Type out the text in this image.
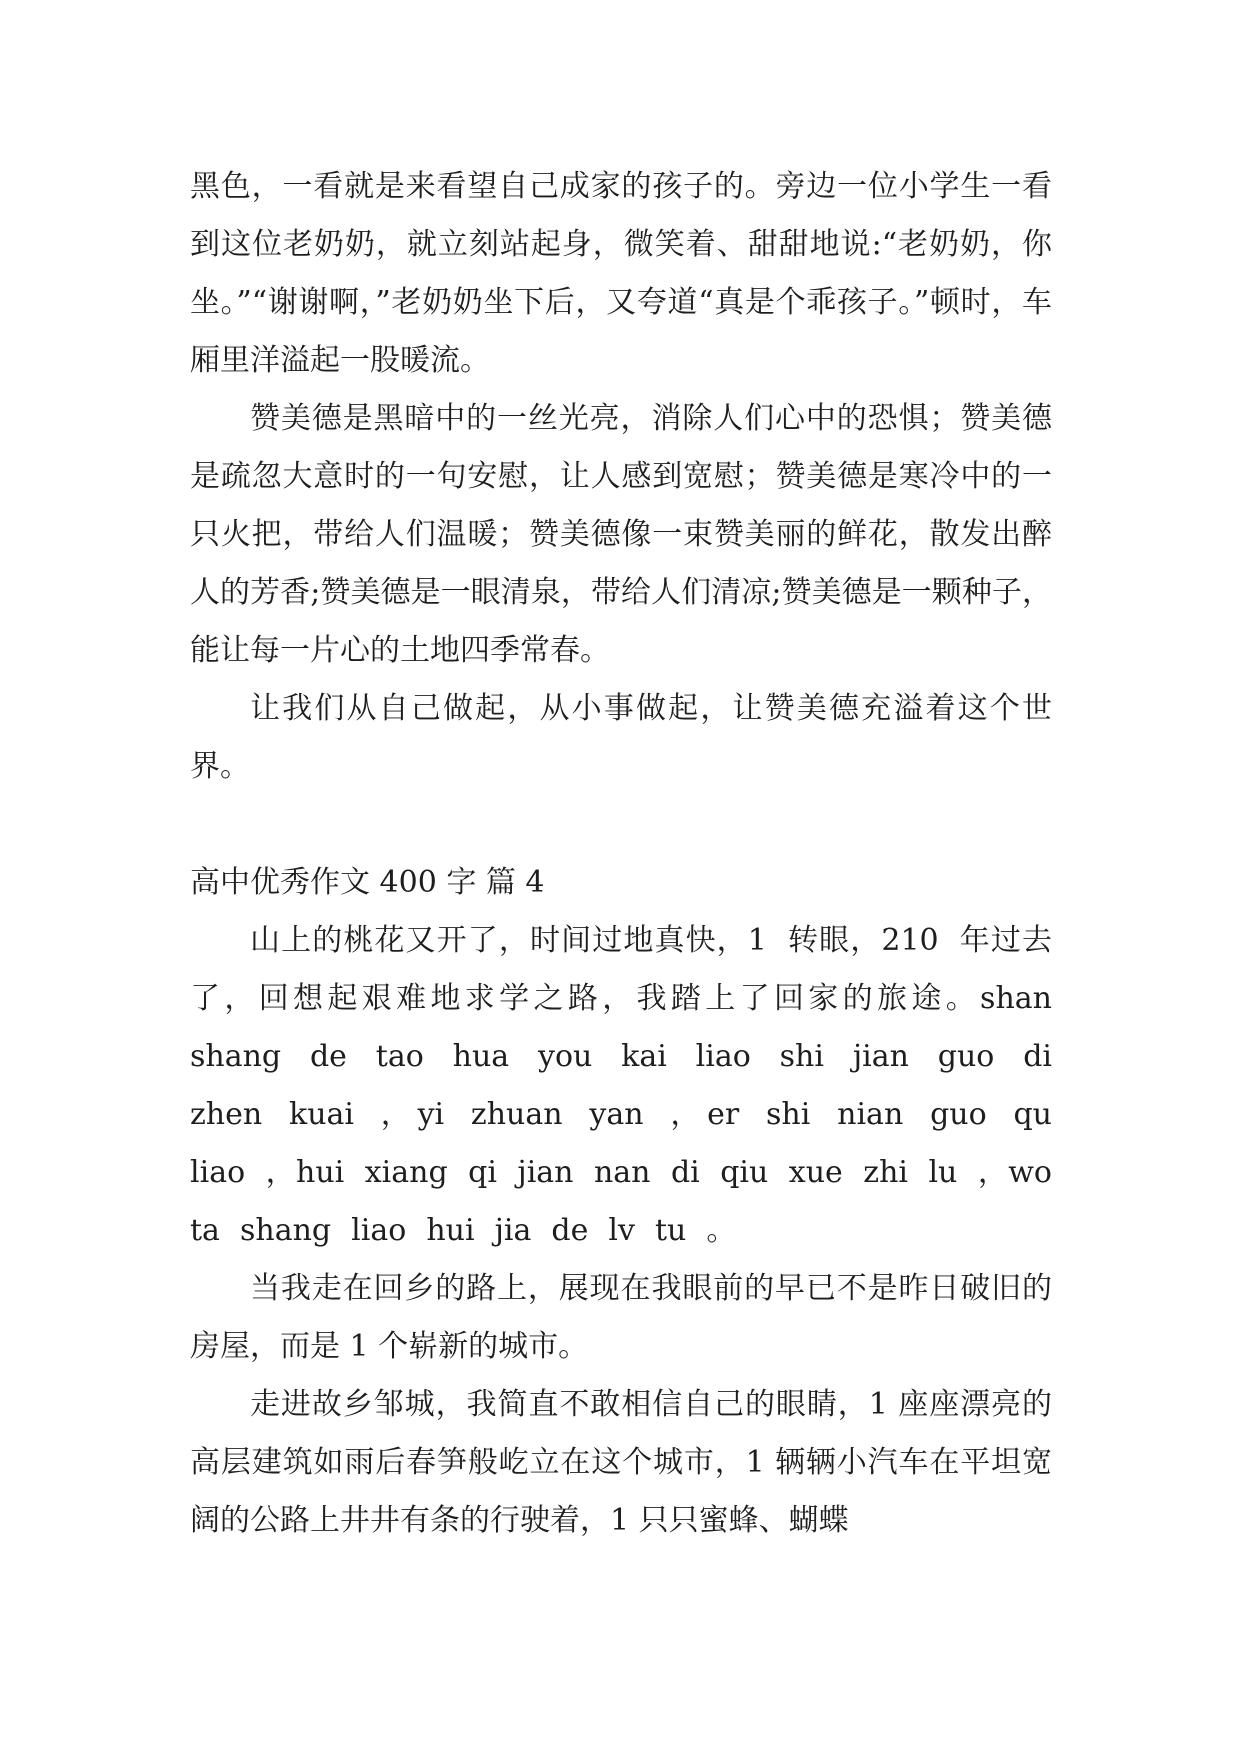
黑色，一看就是来看望自己成家的孩子的。旁边一位小学生一看到这位老奶奶，就立刻站起身，微笑着、甜甜地说:“老奶奶，你坐。”“谢谢啊，”老奶奶坐下后，又夸道“真是个乖孩子。”顿时，车厢里洋溢起一股暖流。

赞美德是黑暗中的一丝光亮，消除人们心中的恐惧；赞美德是疏忽大意时的一句安慰，让人感到宽慰；赞美德是寒冷中的一只火把，带给人们温暖；赞美德像一束赞美丽的鲜花，散发出醉人的芳香;赞美德是一眼清泉，带给人们清凉;赞美德是一颗种子，能让每一片心的土地四季常春。

让我们从自己做起，从小事做起，让赞美德充溢着这个世界。

高中优秀作文 400 字 篇 4

山上的桃花又开了，时间过地真快，1 转眼，210 年过去了，回想起艰难地求学之路，我踏上了回家的旅途。shan shang de tao hua you kai liao shi jian guo di zhen kuai ，yi zhuan yan ，er shi nian guo qu liao ，hui xiang qi jian nan di qiu xue zhi lu ，wo ta shang liao hui jia de lv tu 。

当我走在回乡的路上，展现在我眼前的早已不是昨日破旧的房屋，而是 1 个崭新的城市。

走进故乡邹城，我简直不敢相信自己的眼睛，1 座座漂亮的高层建筑如雨后春笋般屹立在这个城市，1 辆辆小汽车在平坦宽阔的公路上井井有条的行驶着，1 只只蜜蜂、蝴蝶
